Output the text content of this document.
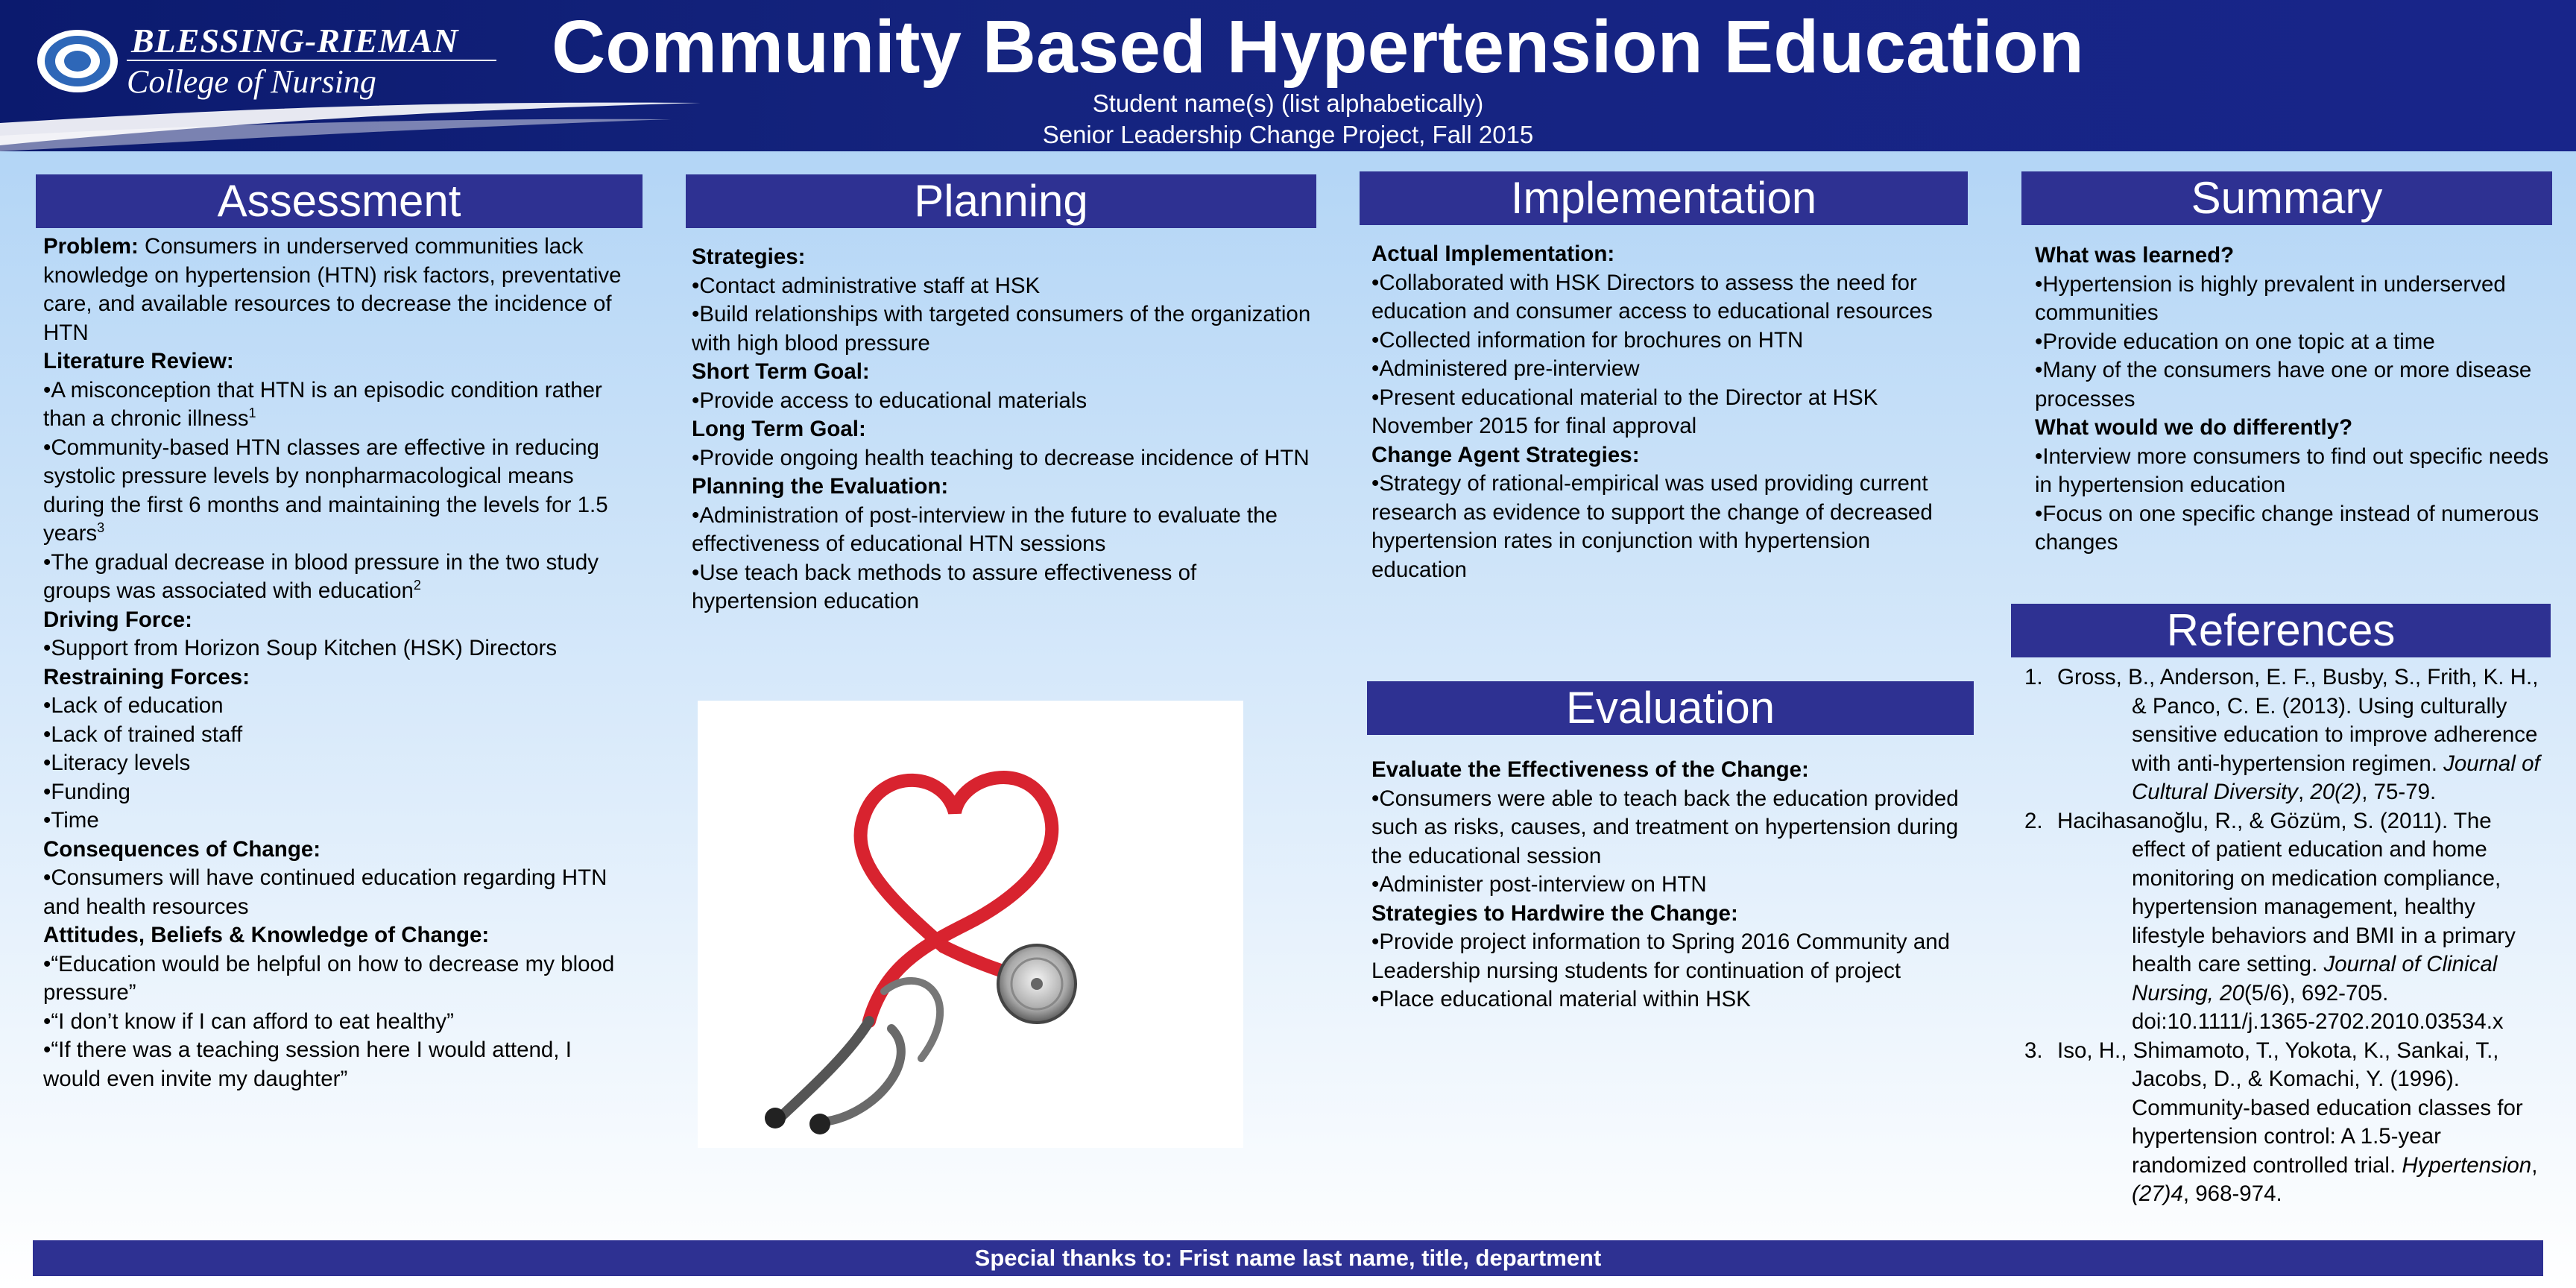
BLESSING-RIEMAN
College of Nursing Community Based Hypertension Education
Student name(s) (list alphabetically)
Senior Leadership Change Project, Fall 2015
Assessment

Problem: Consumers in underserved communities lack knowledge on hypertension (HTN) risk factors, preventative care, and available resources to decrease the incidence of HTN

Literature Review:

•A misconception that HTN is an episodic condition rather than a chronic illness$^1$

•Community-based HTN classes are effective in reducing systolic pressure levels by nonpharmacological means during the first 6 months and maintaining the levels for 1.5 years$^3$

•The gradual decrease in blood pressure in the two study groups was associated with education$^2$

Driving Force:

•Support from Horizon Soup Kitchen (HSK) Directors

Restraining Forces:

•Lack of education

•Lack of trained staff

•Literacy levels

•Funding

•Time

Consequences of Change:

•Consumers will have continued education regarding HTN and health resources

Attitudes, Beliefs & Knowledge of Change:

•“Education would be helpful on how to decrease my blood pressure”

•“I don’t know if I can afford to eat healthy”

•“If there was a teaching session here I would attend, I would even invite my daughter”

Planning

Strategies:

•Contact administrative staff at HSK

•Build relationships with targeted consumers of the organization with high blood pressure

Short Term Goal:

•Provide access to educational materials

Long Term Goal:

•Provide ongoing health teaching to decrease incidence of HTN

Planning the Evaluation:

•Administration of post-interview in the future to evaluate the effectiveness of educational HTN sessions

•Use teach back methods to assure effectiveness of hypertension education

Implementation

Actual Implementation:

•Collaborated with HSK Directors to assess the need for education and consumer access to educational resources

•Collected information for brochures on HTN

•Administered pre-interview

•Present educational material to the Director at HSK November 2015 for final approval

Change Agent Strategies:

•Strategy of rational-empirical was used providing current research as evidence to support the change of decreased hypertension rates in conjunction with hypertension education

Evaluation

Evaluate the Effectiveness of the Change:

•Consumers were able to teach back the education provided such as risks, causes, and treatment on hypertension during the educational session

•Administer post-interview on HTN

Strategies to Hardwire the Change:

•Provide project information to Spring 2016 Community and Leadership nursing students for continuation of project

•Place educational material within HSK

Summary

What was learned?

•Hypertension is highly prevalent in underserved communities

•Provide education on one topic at a time

•Many of the consumers have one or more disease processes

What would we do differently?

•Interview more consumers to find out specific needs in hypertension education

•Focus on one specific change instead of numerous changes

References
1. Gross, B., Anderson, E. F., Busby, S., Frith, K. H., & Panco, C. E. (2013). Using culturally sensitive education to improve adherence with anti-hypertension regimen. Journal of Cultural Diversity, 20(2), 75-79.
2. Hacihasanoğlu, R., & Gözüm, S. (2011). The effect of patient education and home monitoring on medication compliance, hypertension management, healthy lifestyle behaviors and BMI in a primary health care setting. Journal of Clinical Nursing, 20(5/6), 692-705. doi:10.1111/j.1365-2702.2010.03534.x
3. Iso, H., Shimamoto, T., Yokota, K., Sankai, T., Jacobs, D., & Komachi, Y. (1996). Community-based education classes for hypertension control: A 1.5-year randomized controlled trial. Hypertension, (27)4, 968-974.
Special thanks to: Frist name last name, title, department
